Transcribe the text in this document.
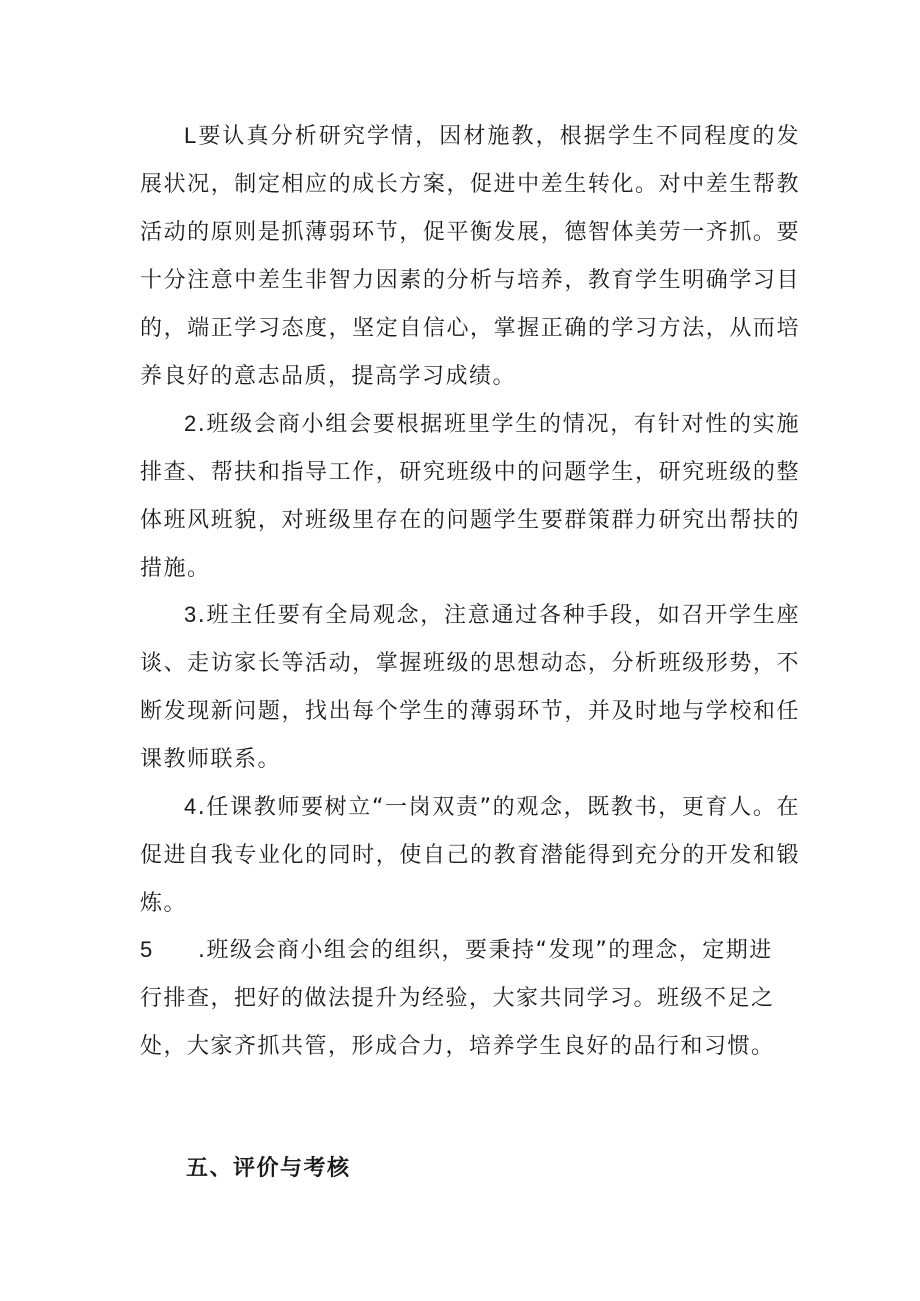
L要认真分析研究学情，因材施教，根据学生不同程度的发展状况，制定相应的成长方案，促进中差生转化。对中差生帮教活动的原则是抓薄弱环节，促平衡发展，德智体美劳一齐抓。要十分注意中差生非智力因素的分析与培养，教育学生明确学习目的，端正学习态度，坚定自信心，掌握正确的学习方法，从而培养良好的意志品质，提高学习成绩。

2.班级会商小组会要根据班里学生的情况，有针对性的实施排查、帮扶和指导工作，研究班级中的问题学生，研究班级的整体班风班貌，对班级里存在的问题学生要群策群力研究出帮扶的措施。

3.班主任要有全局观念，注意通过各种手段，如召开学生座谈、走访家长等活动，掌握班级的思想动态，分析班级形势，不断发现新问题，找出每个学生的薄弱环节，并及时地与学校和任课教师联系。

4.任课教师要树立“一岗双责”的观念，既教书，更育人。在促进自我专业化的同时，使自己的教育潜能得到充分的开发和锻炼。

5 .班级会商小组会的组织，要秉持“发现”的理念，定期进行排查，把好的做法提升为经验，大家共同学习。班级不足之处，大家齐抓共管，形成合力，培养学生良好的品行和习惯。

五、评价与考核
